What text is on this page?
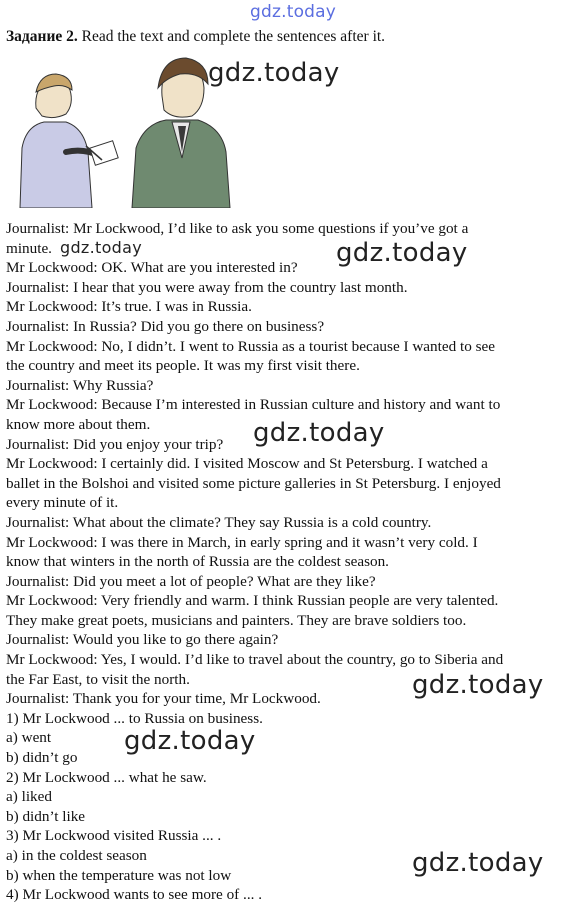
gdz.today
Задание 2. Read the text and complete the sentences after it.
Journalist: Mr Lockwood, I’d like to ask you some questions if you’ve got a
minute.
Mr Lockwood: OK. What are you interested in?
Journalist: I hear that you were away from the country last month.
Mr Lockwood: It’s true. I was in Russia.
Journalist: In Russia? Did you go there on business?
Mr Lockwood: No, I didn’t. I went to Russia as a tourist because I wanted to see
the country and meet its people. It was my first visit there.
Journalist: Why Russia?
Mr Lockwood: Because I’m interested in Russian culture and history and want to
know more about them.
Journalist: Did you enjoy your trip?
Mr Lockwood: I certainly did. I visited Moscow and St Petersburg. I watched a
ballet in the Bolshoi and visited some picture galleries in St Petersburg. I enjoyed
every minute of it.
Journalist: What about the climate? They say Russia is a cold country.
Mr Lockwood: I was there in March, in early spring and it wasn’t very cold. I
know that winters in the north of Russia are the coldest season.
Journalist: Did you meet a lot of people? What are they like?
Mr Lockwood: Very friendly and warm. I think Russian people are very talented.
They make great poets, musicians and painters. They are brave soldiers too.
Journalist: Would you like to go there again?
Mr Lockwood: Yes, I would. I’d like to travel about the country, go to Siberia and
the Far East, to visit the north.
Journalist: Thank you for your time, Mr Lockwood.
1) Mr Lockwood ... to Russia on business.
a) went
b) didn’t go
2) Mr Lockwood ... what he saw.
a) liked
b) didn’t like
3) Mr Lockwood visited Russia ... .
a) in the coldest season
b) when the temperature was not low
4) Mr Lockwood wants to see more of ... .
gdz.today
gdz.today	gdz.today
gdz.today
gdz.today
gdz.today
gdz.today
